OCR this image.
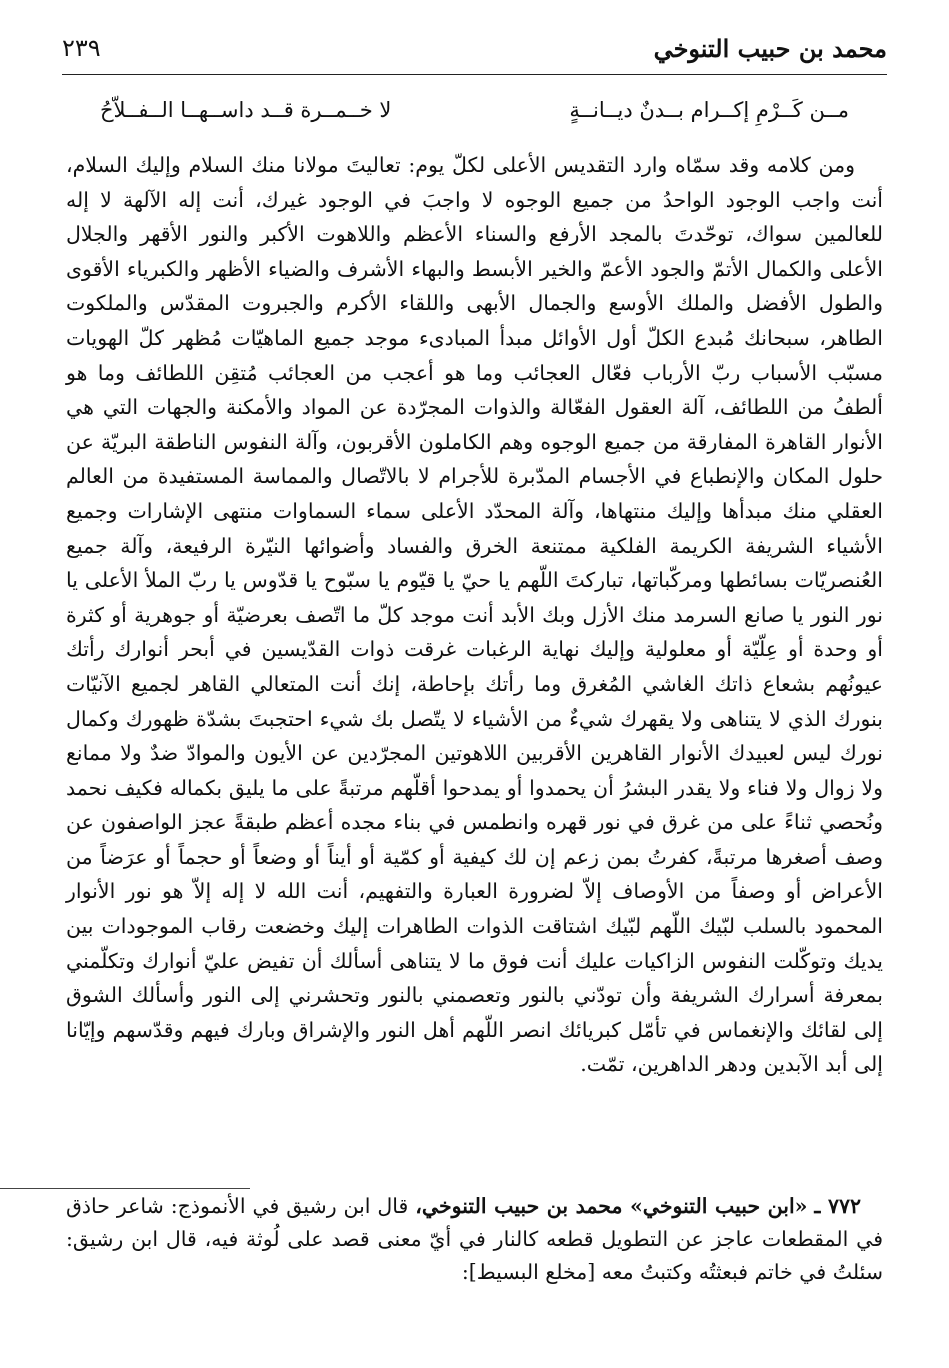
محمد بن حبيب التنوخي
٢٣٩
مــن كَــرْمِ إكــرام بــدنٌ ديــانــةٍ
لا خــمــرة قــد داســهــا الــفــلاّحُ

ومن كلامه وقد سمّاه وارد التقديس الأعلى لكلّ يوم: تعاليتَ مولانا منك السلام وإليك السلام، أنت واجب الوجود الواحدُ من جميع الوجوه لا واجبَ في الوجود غيرك، أنت إله الآلهة لا إله للعالمين سواك، توحّدتَ بالمجد الأرفع والسناء الأعظم واللاهوت الأكبر والنور الأقهر والجلال الأعلى والكمال الأتمّ والجود الأعمّ والخير الأبسط والبهاء الأشرف والضياء الأظهر والكبرياء الأقوى والطول الأفضل والملك الأوسع والجمال الأبهى واللقاء الأكرم والجبروت المقدّس والملكوت الطاهر، سبحانك مُبدع الكلّ أول الأوائل مبدأ المبادىء موجد جميع الماهيّات مُظهر كلّ الهويات مسبّب الأسباب ربّ الأرباب فعّال العجائب وما هو أعجب من العجائب مُتقِن اللطائف وما هو ألطفُ من اللطائف، آلة العقول الفعّالة والذوات المجرّدة عن المواد والأمكنة والجهات التي هي الأنوار القاهرة المفارقة من جميع الوجوه وهم الكاملون الأقربون، وآلة النفوس الناطقة البريّة عن حلول المكان والإنطباع في الأجسام المدّبرة للأجرام لا بالاتّصال والمماسة المستفيدة من العالم العقلي منك مبدأها وإليك منتهاها، وآلة المحدّد الأعلى سماء السماوات منتهى الإشارات وجميع الأشياء الشريفة الكريمة الفلكية ممتنعة الخرق والفساد وأضوائها النيّرة الرفيعة، وآلة جميع العُنصريّات بسائطها ومركّباتها، تباركتَ اللّهم يا حيّ يا قيّوم يا سبّوح يا قدّوس يا ربّ الملأ الأعلى يا نور النور يا صانع السرمد منك الأزل وبك الأبد أنت موجد كلّ ما اتّصف بعرضيّة أو جوهرية أو كثرة أو وحدة أو عِلّيّة أو معلولية وإليك نهاية الرغبات غرقت ذوات القدّيسين في أبحر أنوارك رأتك عيونُهم بشعاع ذاتك الغاشي المُغرق وما رأتك بإحاطة، إنك أنت المتعالي القاهر لجميع الآنيّات بنورك الذي لا يتناهى ولا يقهرك شيءٌ من الأشياء لا يتّصل بك شيء احتجبتَ بشدّة ظهورك وكمال نورك ليس لعبيدك الأنوار القاهرين الأقربين اللاهوتين المجرّدين عن الأيون والموادّ ضدٌ ولا ممانع ولا زوال ولا فناء ولا يقدر البشرُ أن يحمدوا أو يمدحوا أقلّهم مرتبةً على ما يليق بكماله فكيف نحمد ونُحصي ثناءً على من غرق في نور قهره وانطمس في بناء مجده أعظم طبقةً عجز الواصفون عن وصف أصغرها مرتبةً، كفرتُ بمن زعم إن لك كيفية أو كمّية أو أيناً أو وضعاً أو حجماً أو عرَضاً من الأعراض أو وصفاً من الأوصاف إلاّ لضرورة العبارة والتفهيم، أنت الله لا إله إلاّ هو نور الأنوار المحمود بالسلب لبّيك اللّهم لبّيك اشتاقت الذوات الطاهرات إليك وخضعت رقاب الموجودات بين يديك وتوكّلت النفوس الزاكيات عليك أنت فوق ما لا يتناهى أسألك أن تفيض عليّ أنوارك وتكلّمني بمعرفة أسرارك الشريفة وأن تودّني بالنور وتعصمني بالنور وتحشرني إلى النور وأسألك الشوق إلى لقائك والإنغماس في تأمّل كبريائك انصر اللّهم أهل النور والإشراق وبارك فيهم وقدّسهم وإيّانا إلى أبد الآبدين ودهر الداهرين، تمّت.

٧٧٢ ـ «ابن حبيب التنوخي» محمد بن حبيب التنوخي، قال ابن رشيق في الأنموذج: شاعر حاذق في المقطعات عاجز عن التطويل قطعه كالنار في أيّ معنى قصد على لُوثة فيه، قال ابن رشيق: سئلتُ في خاتم فبعثتُه وكتبتُ معه [مخلع البسيط]:
